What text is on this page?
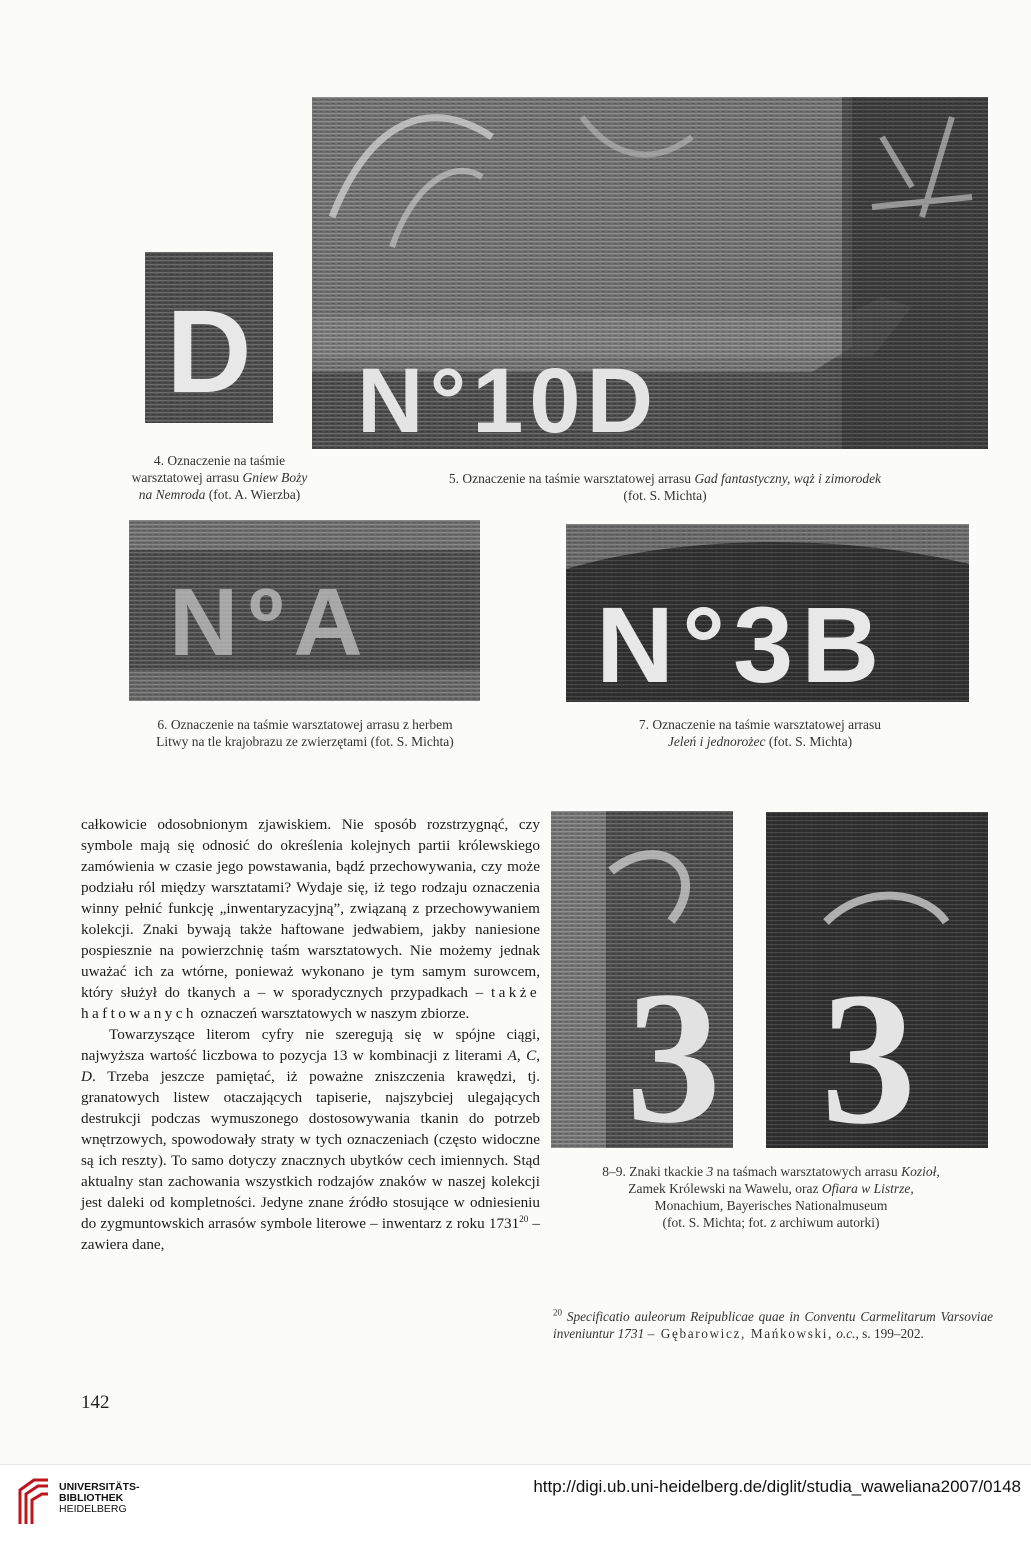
D
4. Oznaczenie na taśmie
warsztatowej arrasu Gniew Boży
na Nemroda (fot. A. Wierzba)
N°10D
5. Oznaczenie na taśmie warsztatowej arrasu Gad fantastyczny, wąż i zimorodek
(fot. S. Michta)
NºA
6. Oznaczenie na taśmie warsztatowej arrasu z herbem
Litwy na tle krajobrazu ze zwierzętami (fot. S. Michta)
N°3B
7. Oznaczenie na taśmie warsztatowej arrasu
Jeleń i jednorożec (fot. S. Michta)
3 3
8–9. Znaki tkackie 3 na taśmach warsztatowych arrasu Kozioł,
Zamek Królewski na Wawelu, oraz Ofiara w Listrze,
Monachium, Bayerisches Nationalmuseum
(fot. S. Michta; fot. z archiwum autorki)

całkowicie odosobnionym zjawiskiem. Nie sposób rozstrzygnąć, czy symbole mają się odnosić do określenia kolejnych partii królewskiego zamówienia w czasie jego powstawania, bądź przechowywania, czy może podziału ról między warsztatami? Wydaje się, iż tego rodzaju oznaczenia winny pełnić funkcję „inwentaryzacyjną”, związaną z przechowywaniem kolekcji. Znaki bywają także haftowane jedwabiem, jakby naniesione pospiesznie na powierzchnię taśm warsztatowych. Nie możemy jednak uważać ich za wtórne, ponieważ wykonano je tym samym surowcem, który służył do tkanych a – w sporadycznych przypadkach – także haftowanych oznaczeń warsztatowych w naszym zbiorze.

Towarzyszące literom cyfry nie szeregują się w spójne ciągi, najwyższa wartość liczbowa to pozycja 13 w kombinacji z literami A, C, D. Trzeba jeszcze pamiętać, iż poważne zniszczenia krawędzi, tj. granatowych listew otaczających tapiserie, najszybciej ulegających destrukcji podczas wymuszonego dostosowywania tkanin do potrzeb wnętrzowych, spowodowały straty w tych oznaczeniach (często widoczne są ich reszty). To samo dotyczy znacznych ubytków cech imiennych. Stąd aktualny stan zachowania wszystkich rodzajów znaków w naszej kolekcji jest daleki od kompletności. Jedyne znane źródło stosujące w odniesieniu do zygmuntowskich arrasów symbole literowe – inwentarz z roku 1731$^{20}$ – zawiera dane,

$^{20}$ Specificatio auleorum Reipublicae quae in Conventu Carmelitarum Varsoviae inveniuntur 1731 – Gębarowicz, Mańkowski, o.c., s. 199–202.
142
UNIVERSITÄTS-
BIBLIOTHEK
HEIDELBERG
http://digi.ub.uni-heidelberg.de/diglit/studia_waweliana2007/0148
